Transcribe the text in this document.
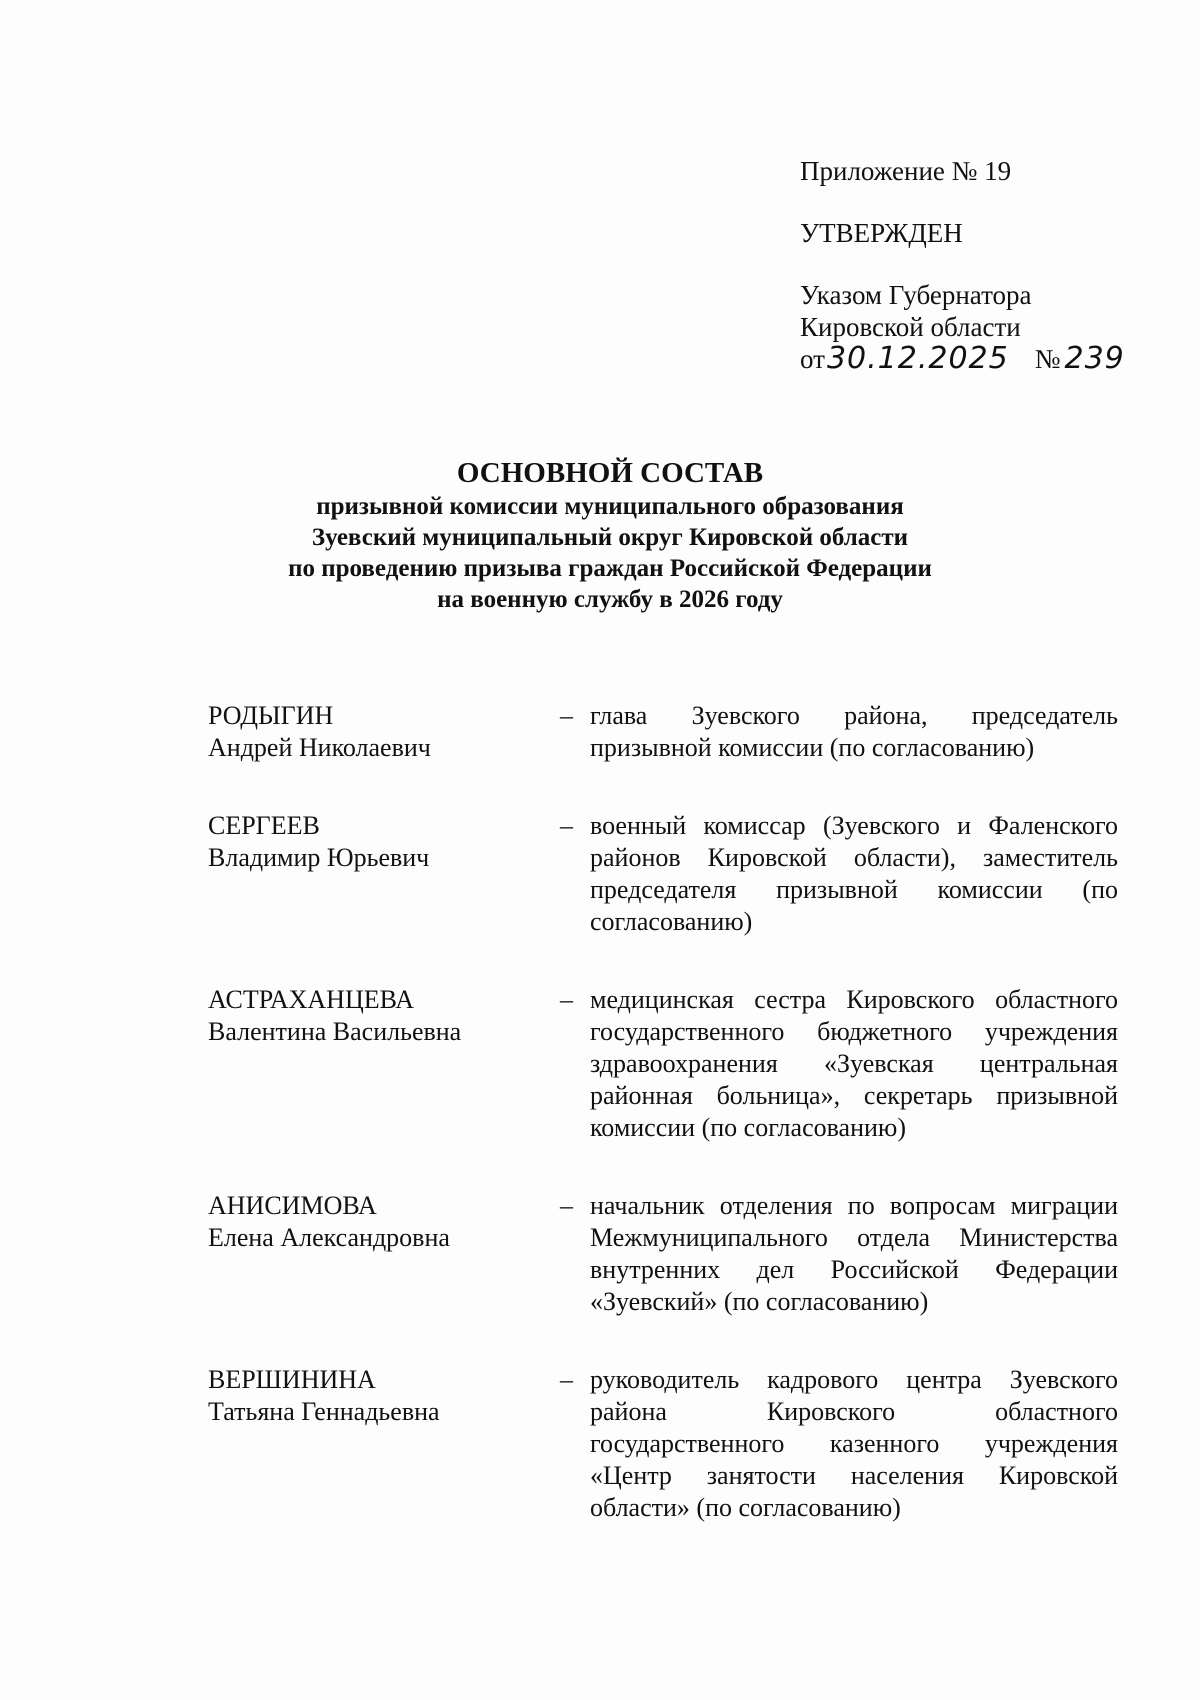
Приложение № 19
УТВЕРЖДЕН
Указом Губернатора
Кировской области
от30.12.2025 № 239
ОСНОВНОЙ СОСТАВ
призывной комиссии муниципального образования
Зуевский муниципальный округ Кировской области
по проведению призыва граждан Российской Федерации
на военную службу в 2026 году
РОДЫГИН
Андрей Николаевич
– глава Зуевского района, председатель призывной комиссии (по согласованию)
СЕРГЕЕВ
Владимир Юрьевич
– военный комиссар (Зуевского и Фаленского районов Кировской области), заместитель председателя призывной комиссии (по согласованию)
АСТРАХАНЦЕВА
Валентина Васильевна
– медицинская сестра Кировского областного государственного бюджетного учреждения здравоохранения «Зуевская центральная районная больница», секретарь призывной комиссии (по согласованию)
АНИСИМОВА
Елена Александровна
– начальник отделения по вопросам миграции Межмуниципального отдела Министерства внутренних дел Российской Федерации «Зуевский» (по согласованию)
ВЕРШИНИНА
Татьяна Геннадьевна
– руководитель кадрового центра Зуевского района Кировского областного государственного казенного учреждения «Центр занятости населения Кировской области» (по согласованию)
